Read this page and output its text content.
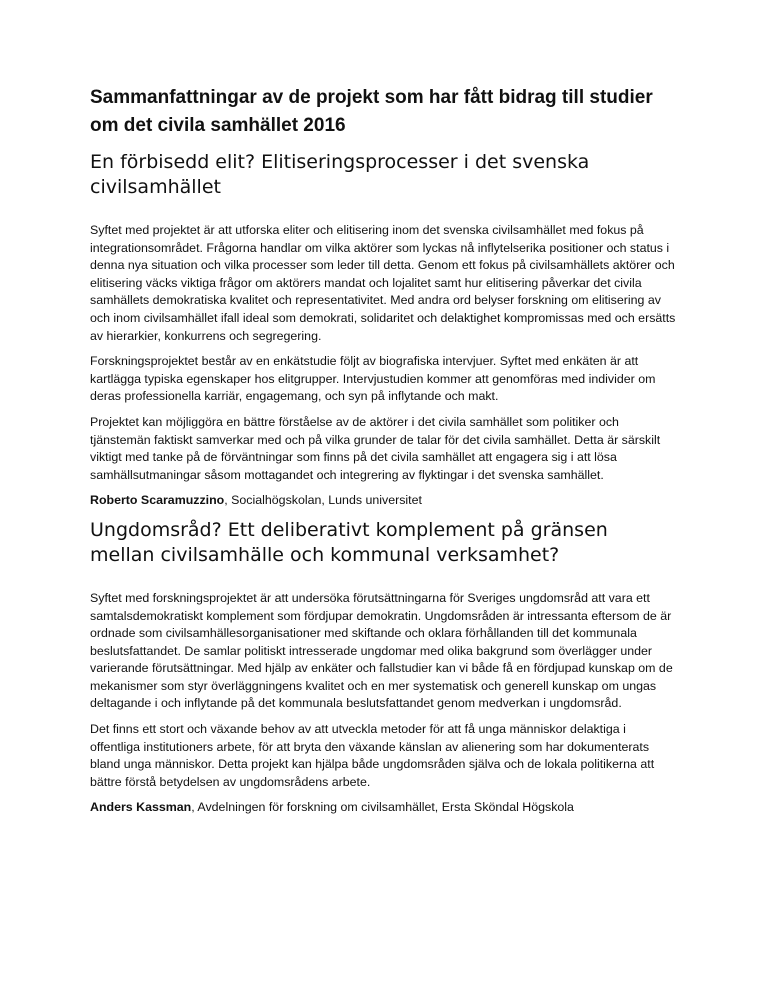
Sammanfattningar av de projekt som har fått bidrag till studier om det civila samhället 2016
En förbisedd elit? Elitiseringsprocesser i det svenska civilsamhället

Syftet med projektet är att utforska eliter och elitisering inom det svenska civilsamhället med fokus på integrationsområdet. Frågorna handlar om vilka aktörer som lyckas nå inflytelserika positioner och status i denna nya situation och vilka processer som leder till detta. Genom ett fokus på civilsamhällets aktörer och elitisering väcks viktiga frågor om aktörers mandat och lojalitet samt hur elitisering påverkar det civila samhällets demokratiska kvalitet och representativitet. Med andra ord belyser forskning om elitisering av och inom civilsamhället ifall ideal som demokrati, solidaritet och delaktighet kompromissas med och ersätts av hierarkier, konkurrens och segregering.

Forskningsprojektet består av en enkätstudie följt av biografiska intervjuer. Syftet med enkäten är att kartlägga typiska egenskaper hos elitgrupper. Intervjustudien kommer att genomföras med individer om deras professionella karriär, engagemang, och syn på inflytande och makt.

Projektet kan möjliggöra en bättre förståelse av de aktörer i det civila samhället som politiker och tjänstemän faktiskt samverkar med och på vilka grunder de talar för det civila samhället. Detta är särskilt viktigt med tanke på de förväntningar som finns på det civila samhället att engagera sig i att lösa samhällsutmaningar såsom mottagandet och integrering av flyktingar i det svenska samhället.

Roberto Scaramuzzino, Socialhögskolan, Lunds universitet

Ungdomsråd? Ett deliberativt komplement på gränsen mellan civilsamhälle och kommunal verksamhet?

Syftet med forskningsprojektet är att undersöka förutsättningarna för Sveriges ungdomsråd att vara ett samtalsdemokratiskt komplement som fördjupar demokratin. Ungdomsråden är intressanta eftersom de är ordnade som civilsamhällesorganisationer med skiftande och oklara förhållanden till det kommunala beslutsfattandet. De samlar politiskt intresserade ungdomar med olika bakgrund som överlägger under varierande förutsättningar. Med hjälp av enkäter och fallstudier kan vi både få en fördjupad kunskap om de mekanismer som styr överläggningens kvalitet och en mer systematisk och generell kunskap om ungas deltagande i och inflytande på det kommunala beslutsfattandet genom medverkan i ungdomsråd.

Det finns ett stort och växande behov av att utveckla metoder för att få unga människor delaktiga i offentliga institutioners arbete, för att bryta den växande känslan av alienering som har dokumenterats bland unga människor. Detta projekt kan hjälpa både ungdomsråden själva och de lokala politikerna att bättre förstå betydelsen av ungdomsrådens arbete.

Anders Kassman, Avdelningen för forskning om civilsamhället, Ersta Sköndal Högskola
